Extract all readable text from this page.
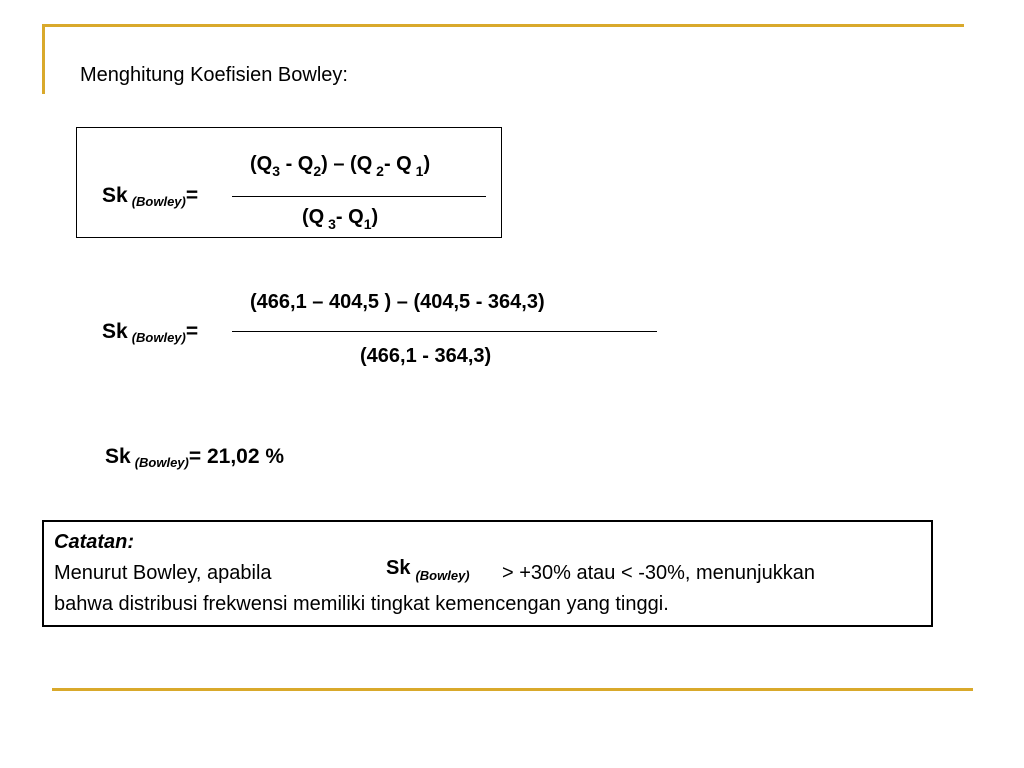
Menghitung Koefisien Bowley:
Sk (Bowley)=
$(Q_3 - Q_2) - (Q$ $_2$- Q $_1$)
(Q $_3$- $Q_1$)
Sk (Bowley)=
(466,1 – 404,5 ) – (404,5 - 364,3)
(466,1 - 364,3)
Sk (Bowley)= 21,02 %
Catatan:
Menurut Bowley, apabila	Sk $_{(Bowley)}$ > +30% atau < -30%, menunjukkan
bahwa distribusi frekwensi memiliki tingkat kemencengan yang tinggi.
